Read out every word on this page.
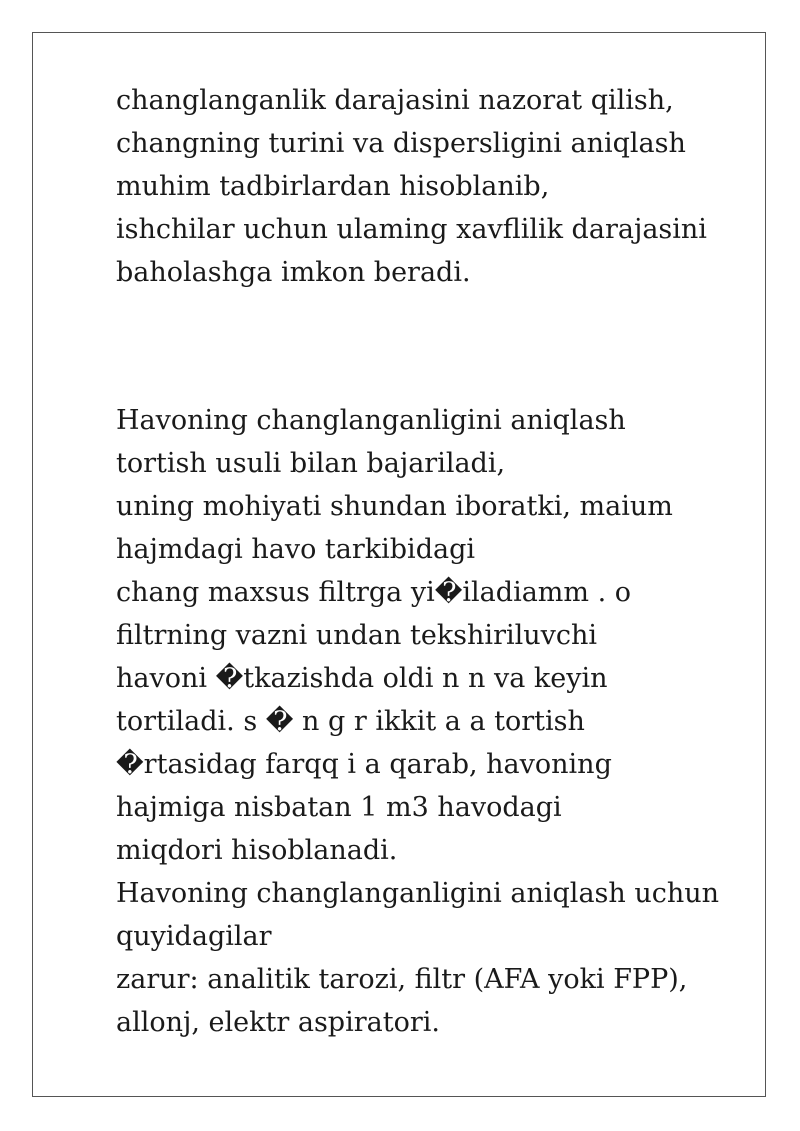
changlanganlik darajasini nazorat qilish,
changning turini va dispersligini aniqlash
muhim tadbirlardan hisoblanib,
ishchilar uchun ulaming xavflilik darajasini
baholashga imkon beradi.

Havoning changlanganligini aniqlash
tortish usuli bilan bajariladi,
uning mohiyati shundan iboratki, maium
hajmdagi havo tarkibidagi
chang maxsus filtrga yi�iladiamm . o
filtrning vazni undan tekshiriluvchi
havoni �tkazishda oldi n n va keyin
tortiladi. s � n g r ikkit a a tortish
�rtasidag farqq i a qarab, havoning
hajmiga nisbatan 1 m3 havodagi
miqdori hisoblanadi.
Havoning changlanganligini aniqlash uchun
quyidagilar
zarur: analitik tarozi, filtr (AFA yoki FPP),
allonj, elektr aspiratori.
